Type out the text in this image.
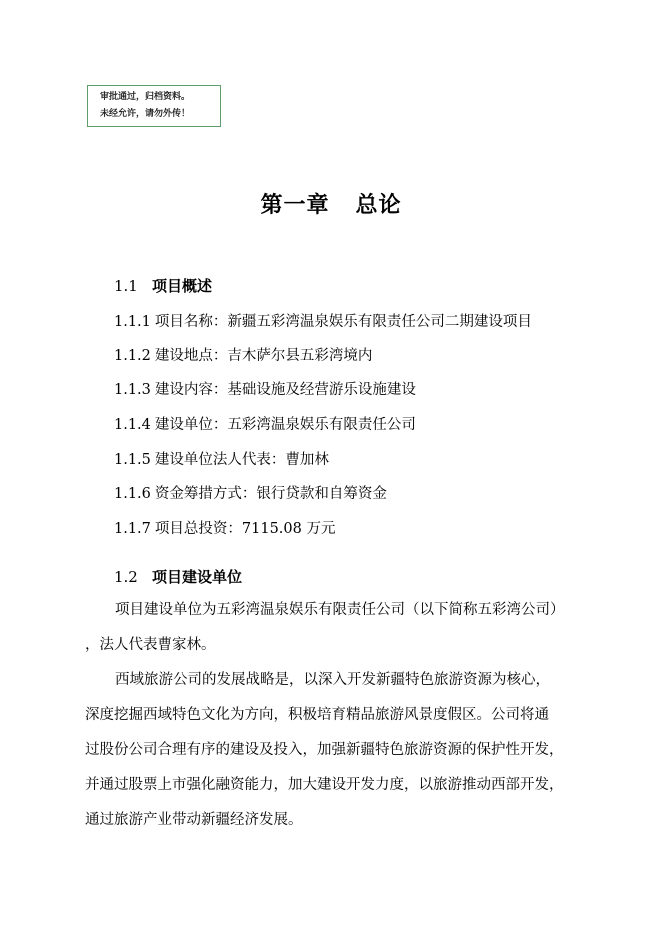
审批通过，归档资料。
未经允许，请勿外传！
第一章 总论
1.1 项目概述
1.1.1 项目名称：新疆五彩湾温泉娱乐有限责任公司二期建设项目
1.1.2 建设地点：吉木萨尔县五彩湾境内
1.1.3 建设内容：基础设施及经营游乐设施建设
1.1.4 建设单位：五彩湾温泉娱乐有限责任公司
1.1.5 建设单位法人代表：曹加林
1.1.6 资金筹措方式：银行贷款和自筹资金
1.1.7 项目总投资：7115.08 万元
1.2 项目建设单位
项目建设单位为五彩湾温泉娱乐有限责任公司（以下简称五彩湾公司）
，法人代表曹家林。
西域旅游公司的发展战略是，以深入开发新疆特色旅游资源为核心，
深度挖掘西域特色文化为方向，积极培育精品旅游风景度假区。公司将通
过股份公司合理有序的建设及投入，加强新疆特色旅游资源的保护性开发，
并通过股票上市强化融资能力，加大建设开发力度，以旅游推动西部开发，
通过旅游产业带动新疆经济发展。
